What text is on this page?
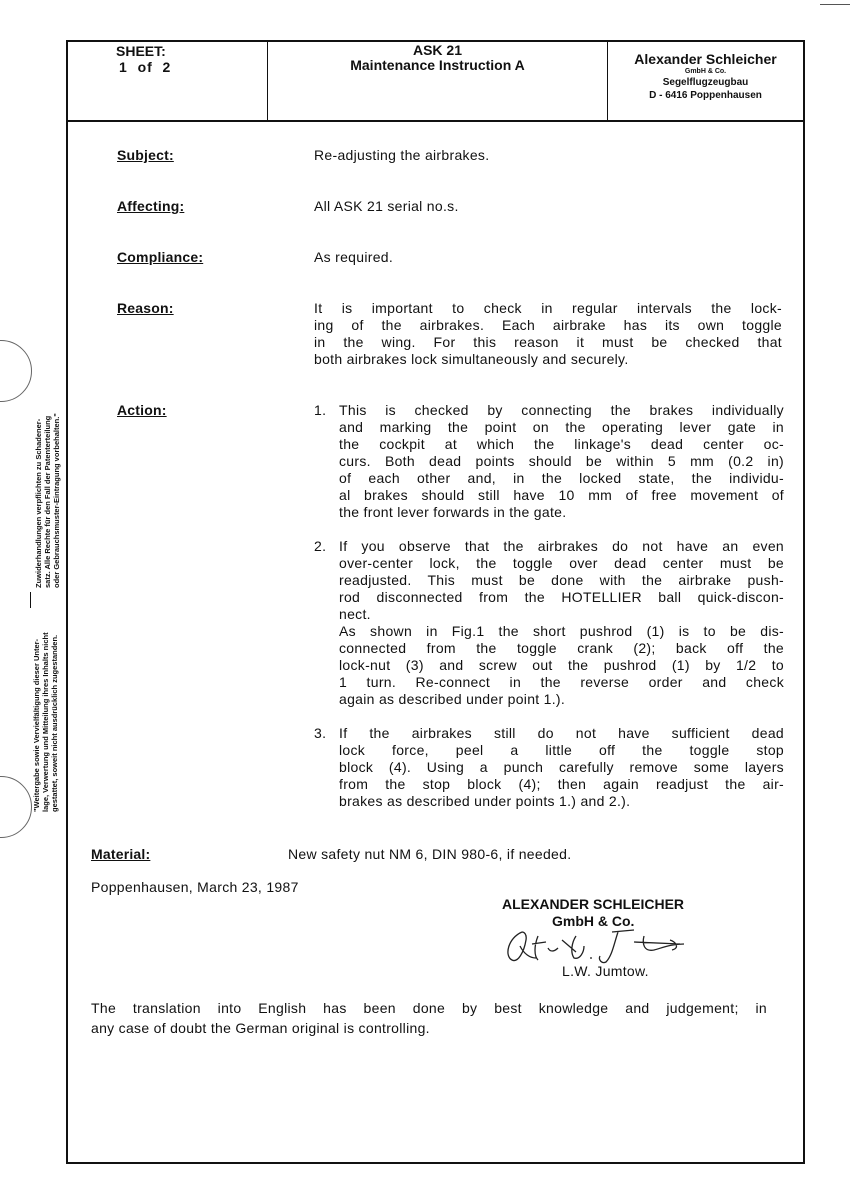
"Weitergabe sowie Vervielfältigung dieser Unter- lage, Verwertung und Mitteilung ihres Inhalts nicht gestattet, soweit nicht ausdrücklich zugestanden.
Zuwiderhandlungen verpflichten zu Schadener- satz. Alle Rechte für den Fall der Patenterteilung oder Gebrauchsmuster-Eintragung vorbehalten."
SHEET:
1  of  2
ASK 21
Maintenance Instruction A	Alexander Schleicher
GmbH & Co.
Segelflugzeugbau
D - 6416 Poppenhausen
Subject:	Re-adjusting the airbrakes.
Affecting:	All ASK 21 serial no.s.
Compliance:	As required.
Reason:	It is important to check in regular intervals the lock-
ing of the airbrakes. Each airbrake has its own toggle
in the wing. For this reason it must be checked that
both airbrakes lock simultaneously and securely.
Action:	1. This is checked by connecting the brakes individually
and marking the point on the operating lever gate in
the cockpit at which the linkage's dead center oc-
curs. Both dead points should be within 5 mm (0.2 in)
of each other and, in the locked state, the individu-
al brakes should still have 10 mm of free movement of
the front lever forwards in the gate.
2. If you observe that the airbrakes do not have an even
over-center lock, the toggle over dead center must be
readjusted. This must be done with the airbrake push-
rod disconnected from the HOTELLIER ball quick-discon-
nect.
As shown in Fig.1 the short pushrod (1) is to be dis-
connected from the toggle crank (2); back off the
lock-nut (3) and screw out the pushrod (1) by 1/2 to
1 turn. Re-connect in the reverse order and check
again as described under point 1.).
3. If the airbrakes still do not have sufficient dead
lock force, peel a little off the toggle stop
block (4). Using a punch carefully remove some layers
from the stop block (4); then again readjust the air-
brakes as described under points 1.) and 2.).
Material:	New safety nut NM 6, DIN 980-6, if needed.
Poppenhausen, March 23, 1987
ALEXANDER SCHLEICHER
GmbH & Co.
L.W. Jumtow.
The translation into English has been done by best knowledge and judgement; in
any case of doubt the German original is controlling.
